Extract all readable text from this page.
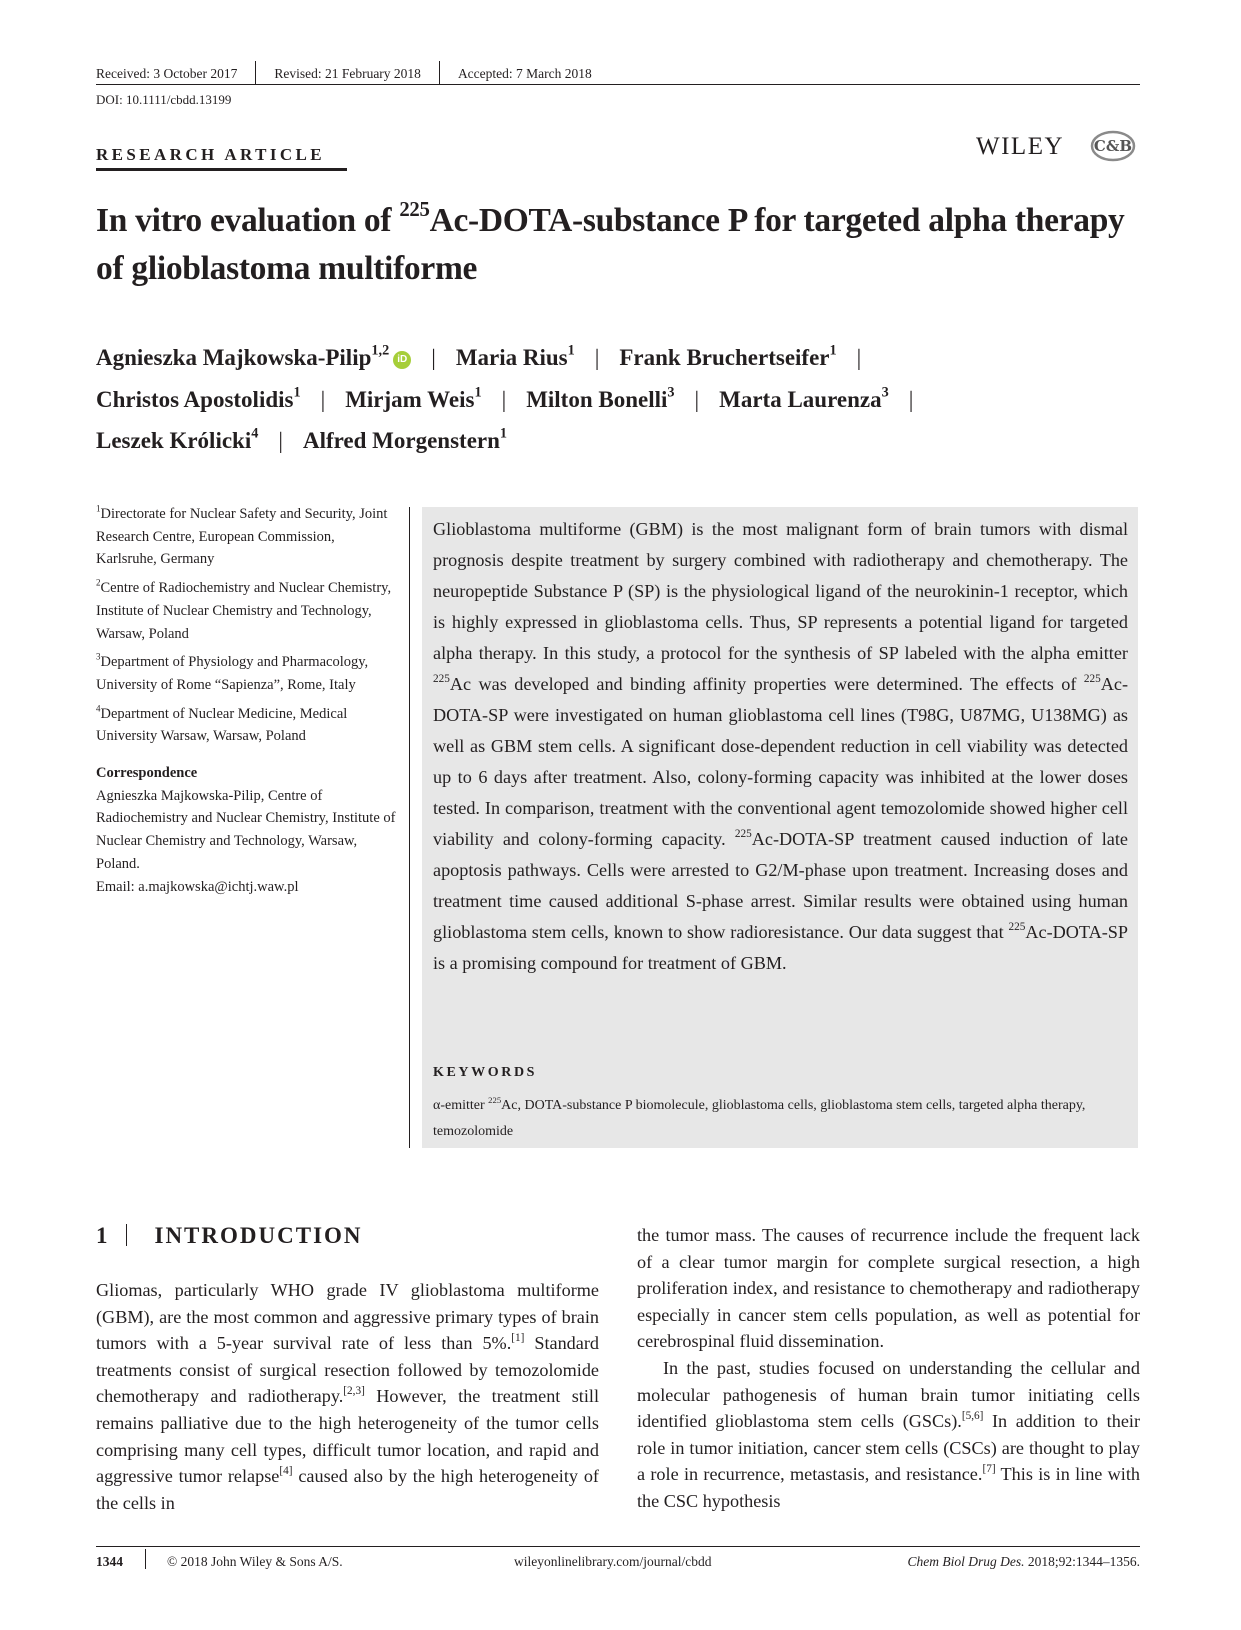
Received: 3 October 2017	Revised: 21 February 2018	Accepted: 7 March 2018
DOI: 10.1111/cbdd.13199
RESEARCH ARTICLE	WILEY C&B
In vitro evaluation of $^{225}$Ac-DOTA-substance P for targeted alpha therapy of glioblastoma multiforme
Agnieszka Majkowska-Pilip$^{1,2}$iD | Maria Rius$^1$ | Frank Bruchertseifer$^1$ |
Christos Apostolidis$^1$ | Mirjam Weis$^1$ | Milton Bonelli$^3$ | Marta Laurenza$^3$ |
Leszek Królicki$^4$ | Alfred Morgenstern$^1$
$^1$Directorate for Nuclear Safety and Security, Joint Research Centre, European Commission, Karlsruhe, Germany
$^2$Centre of Radiochemistry and Nuclear Chemistry, Institute of Nuclear Chemistry and Technology, Warsaw, Poland
$^3$Department of Physiology and Pharmacology, University of Rome “Sapienza”, Rome, Italy
$^4$Department of Nuclear Medicine, Medical University Warsaw, Warsaw, Poland
Correspondence
Agnieszka Majkowska-Pilip, Centre of Radiochemistry and Nuclear Chemistry, Institute of Nuclear Chemistry and Technology, Warsaw, Poland.
Email: a.majkowska@ichtj.waw.pl
Glioblastoma multiforme (GBM) is the most malignant form of brain tumors with dismal prognosis despite treatment by surgery combined with radiotherapy and chemotherapy. The neuropeptide Substance P (SP) is the physiological ligand of the neurokinin-1 receptor, which is highly expressed in glioblastoma cells. Thus, SP represents a potential ligand for targeted alpha therapy. In this study, a protocol for the synthesis of SP labeled with the alpha emitter $^{225}$Ac was developed and binding affinity properties were determined. The effects of $^{225}$Ac-DOTA-SP were investigated on human glioblastoma cell lines (T98G, U87MG, U138MG) as well as GBM stem cells. A significant dose-dependent reduction in cell viability was detected up to 6 days after treatment. Also, colony-forming capacity was inhibited at the lower doses tested. In comparison, treatment with the conventional agent temozolomide showed higher cell viability and colony-forming capacity. $^{225}$Ac-DOTA-SP treatment caused induction of late apoptosis pathways. Cells were arrested to G2/M-phase upon treatment. Increasing doses and treatment time caused additional S-phase arrest. Similar results were obtained using human glioblastoma stem cells, known to show radioresistance. Our data suggest that $^{225}$Ac-DOTA-SP is a promising compound for treatment of GBM.
KEYWORDS
α-emitter $^{225}$Ac, DOTA-substance P biomolecule, glioblastoma cells, glioblastoma stem cells, targeted alpha therapy, temozolomide
1 INTRODUCTION

Gliomas, particularly WHO grade IV glioblastoma multiforme (GBM), are the most common and aggressive primary types of brain tumors with a 5-year survival rate of less than 5%.[1] Standard treatments consist of surgical resection followed by temozolomide chemotherapy and radiotherapy.[2,3] However, the treatment still remains palliative due to the high heterogeneity of the tumor cells comprising many cell types, difficult tumor location, and rapid and aggressive tumor relapse[4] caused also by the high heterogeneity of the cells in

the tumor mass. The causes of recurrence include the frequent lack of a clear tumor margin for complete surgical resection, a high proliferation index, and resistance to chemotherapy and radiotherapy especially in cancer stem cells population, as well as potential for cerebrospinal fluid dissemination.

In the past, studies focused on understanding the cellular and molecular pathogenesis of human brain tumor initiating cells identified glioblastoma stem cells (GSCs).[5,6] In addition to their role in tumor initiation, cancer stem cells (CSCs) are thought to play a role in recurrence, metastasis, and resistance.[7] This is in line with the CSC hypothesis

1344	© 2018 John Wiley & Sons A/S.	wileyonlinelibrary.com/journal/cbdd	Chem Biol Drug Des. 2018;92:1344–1356.
